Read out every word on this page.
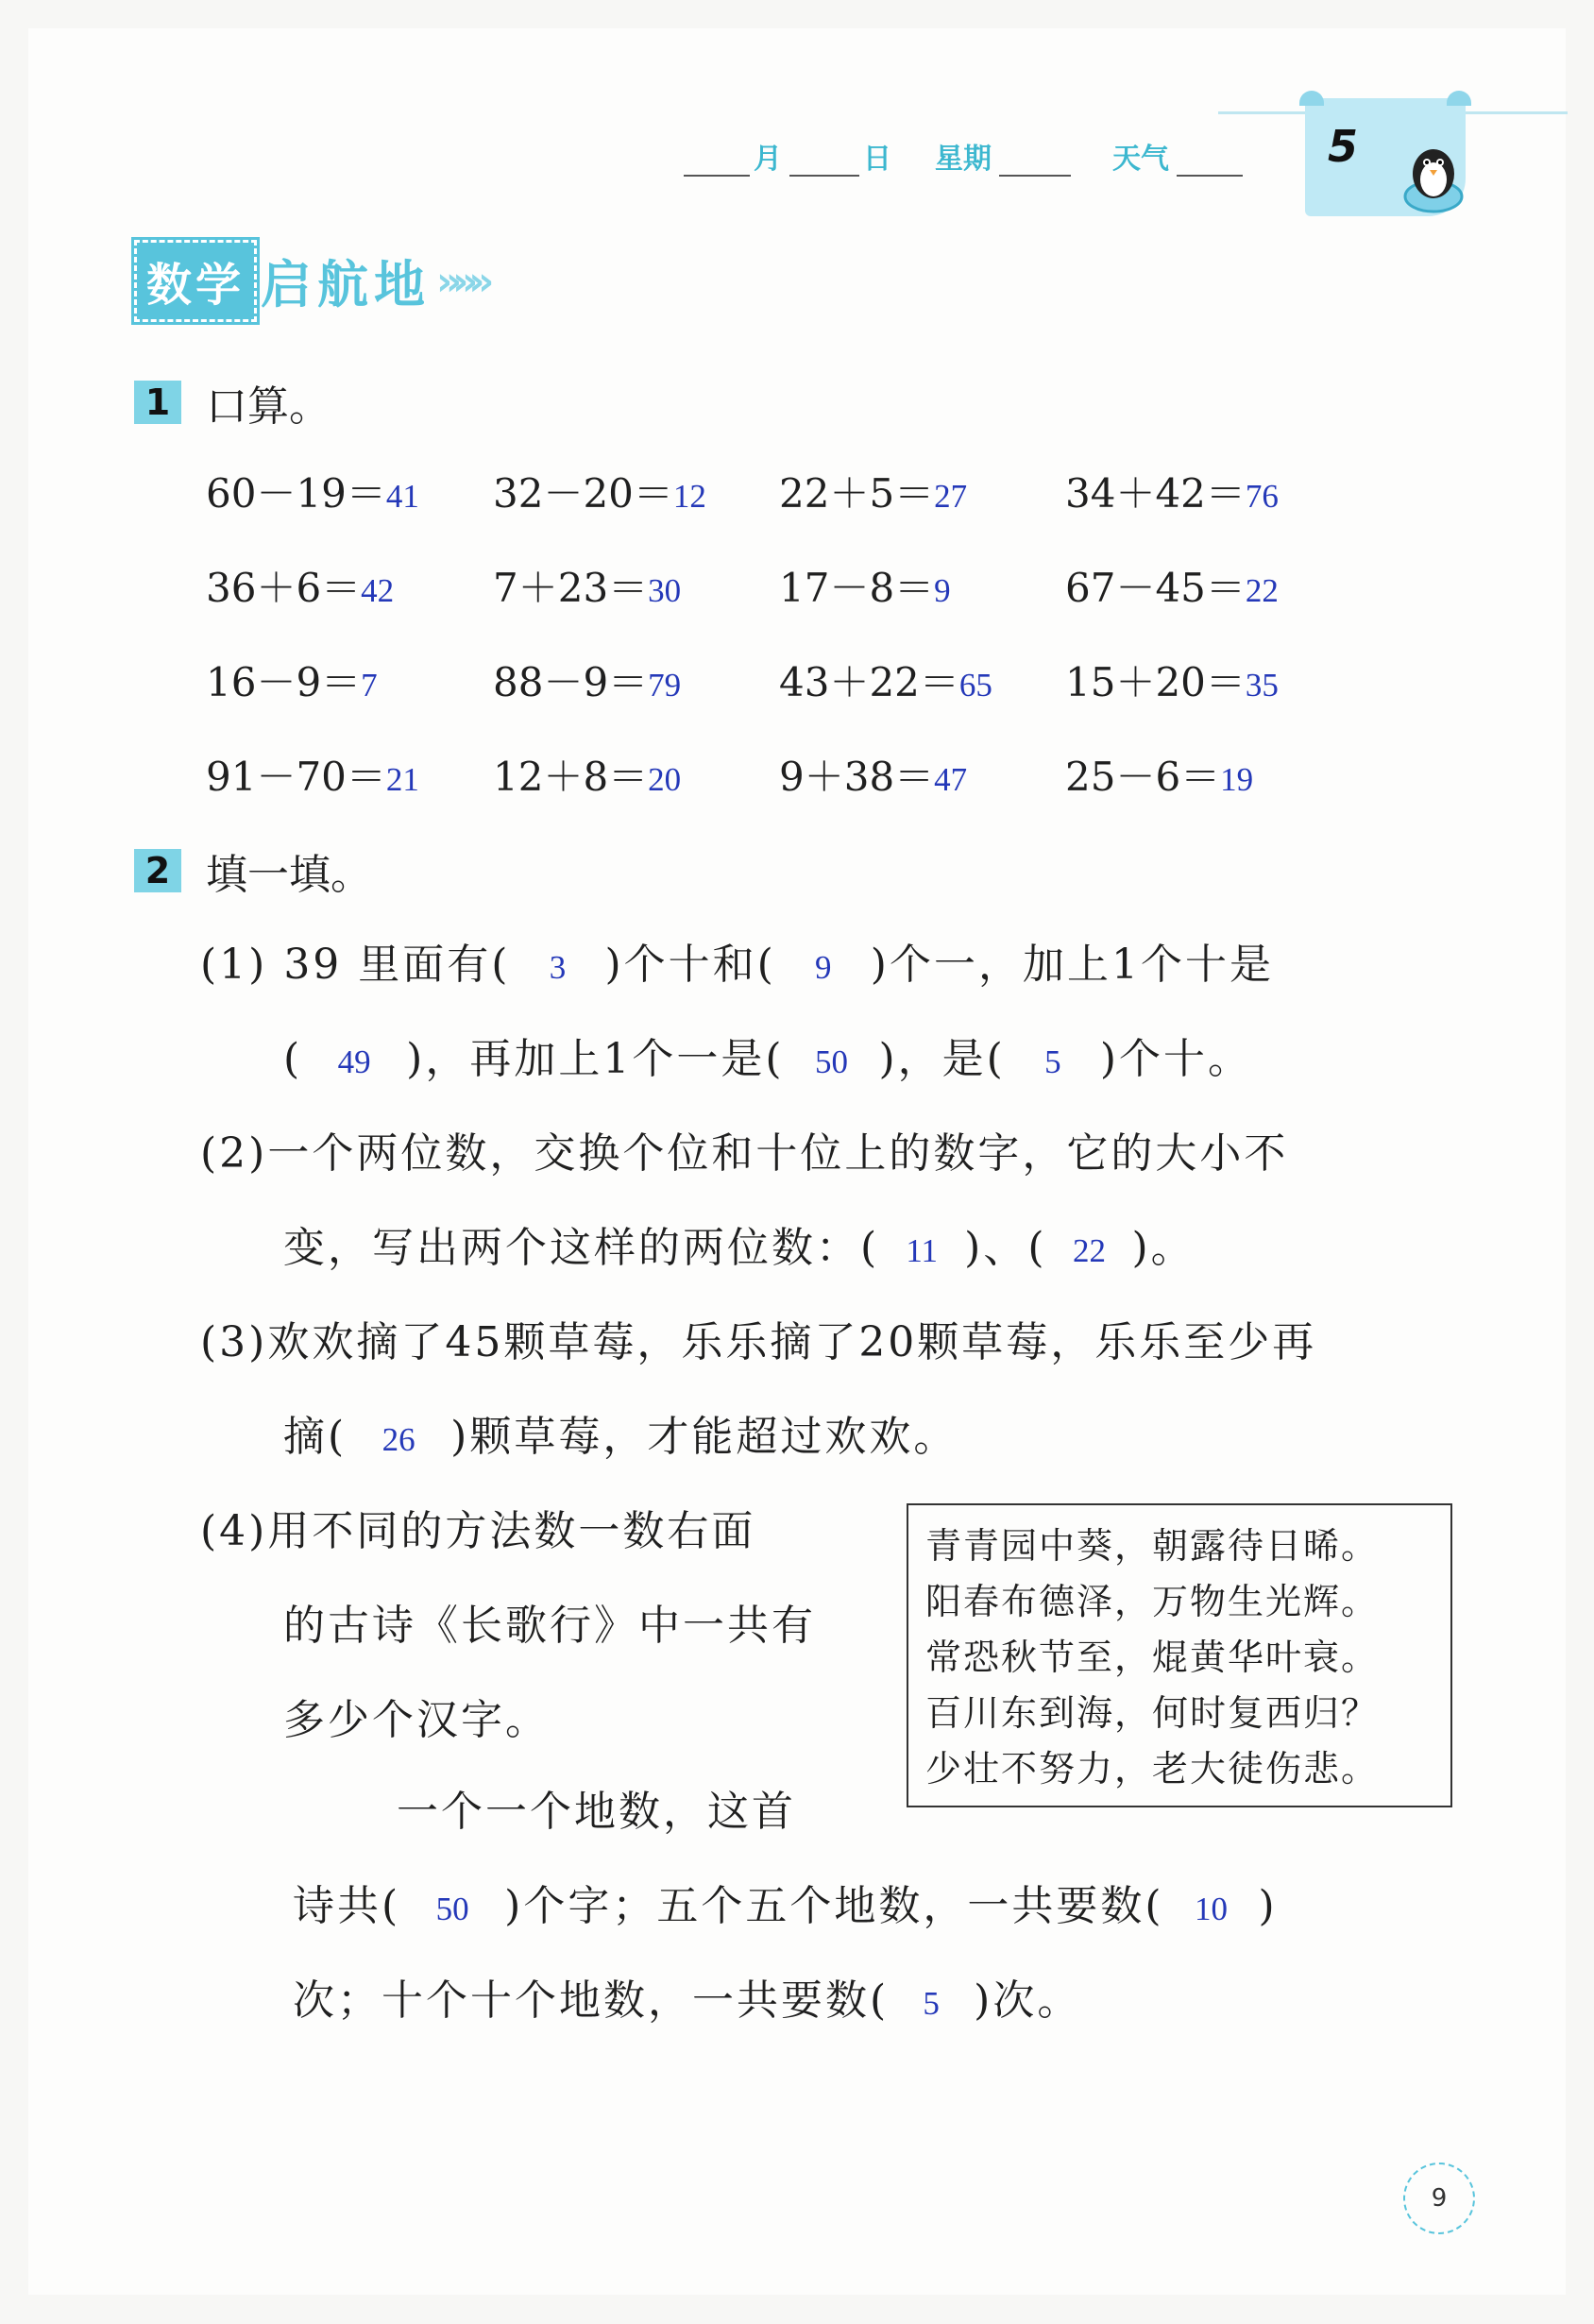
月	日 星期	天气	5
数学 启航地 »»»
1 口算。
60－19＝41 32－20＝12 22＋5＝27 34＋42＝76
36＋6＝42 7＋23＝30 17－8＝9	67－45＝22
16－9＝7	88－9＝79 43＋22＝65 15＋20＝35
91－70＝21 12＋8＝20 9＋38＝47 25－6＝19
2 填一填。
(1) 39 里面有( 3 )个十和( 9 )个一，加上1个十是
( 49 )，再加上1个一是( 50 )，是( 5 )个十。
(2)一个两位数，交换个位和十位上的数字，它的大小不
变，写出两个这样的两位数：( 11 )、( 22 )。
(3)欢欢摘了45颗草莓，乐乐摘了20颗草莓，乐乐至少再
摘( 26 )颗草莓，才能超过欢欢。
(4)用不同的方法数一数右面
的古诗《长歌行》中一共有
多少个汉字。
一个一个地数，这首
诗共( 50 )个字；五个五个地数，一共要数( 10 )
次；十个十个地数，一共要数( 5 )次。
青青园中葵，朝露待日晞。
阳春布德泽，万物生光辉。
常恐秋节至，焜黄华叶衰。
百川东到海，何时复西归？
少壮不努力，老大徒伤悲。
9
